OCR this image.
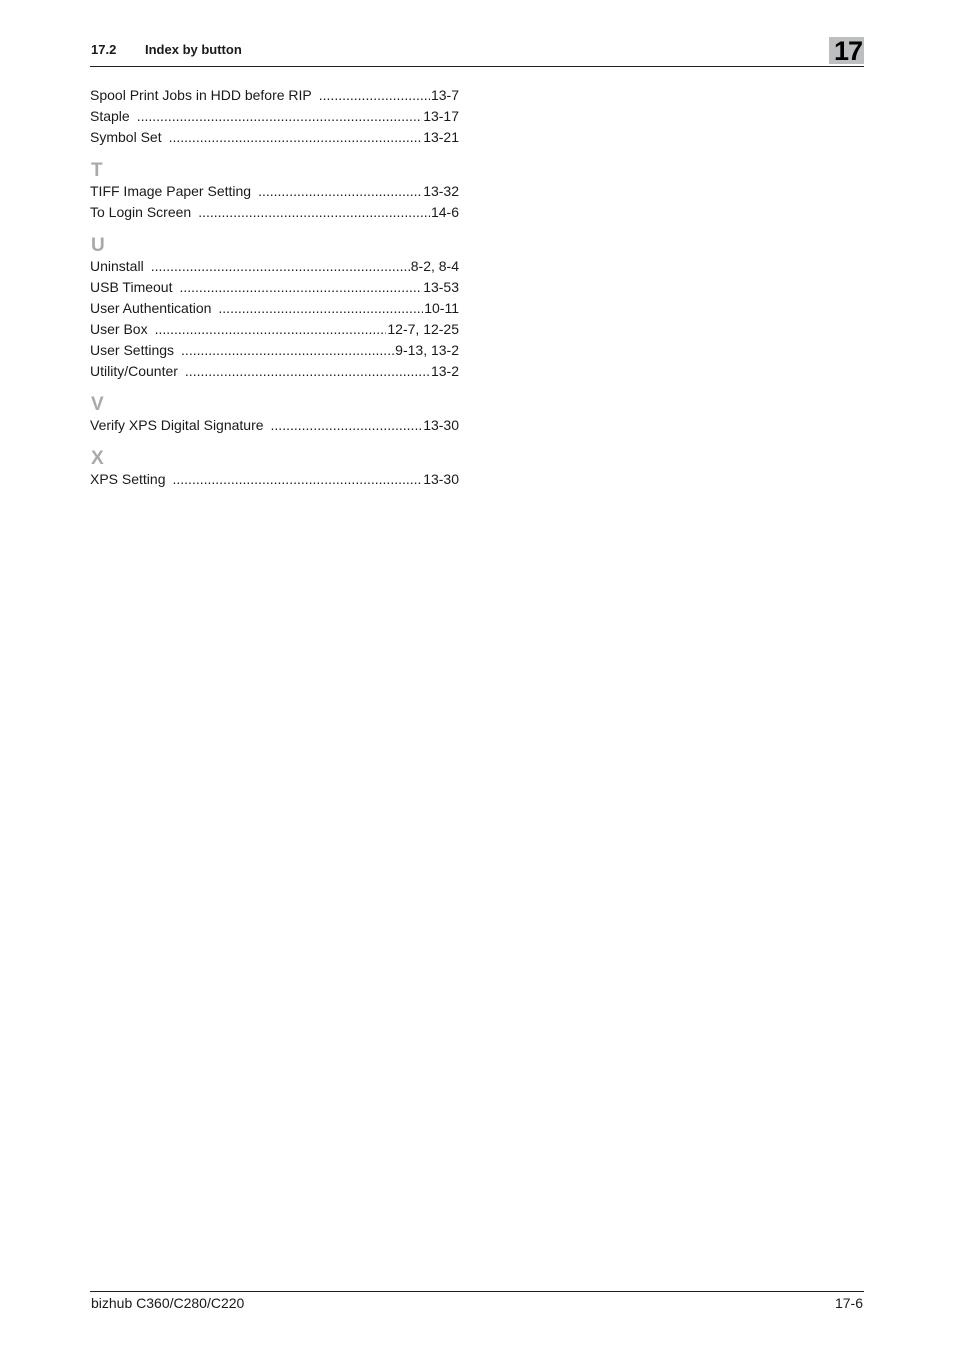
17.2 Index by button	17
Spool Print Jobs in HDD before RIP .....	13-7
Staple .....	13-17
Symbol Set .....	13-21
T
TIFF Image Paper Setting .....	13-32
To Login Screen .....	14-6
U
Uninstall .....	8-2, 8-4
USB Timeout .....	13-53
User Authentication .....	10-11
User Box .....	12-7, 12-25
User Settings .....	9-13, 13-2
Utility/Counter .....	13-2
V
Verify XPS Digital Signature .....	13-30
X
XPS Setting .....	13-30
bizhub C360/C280/C220	17-6
